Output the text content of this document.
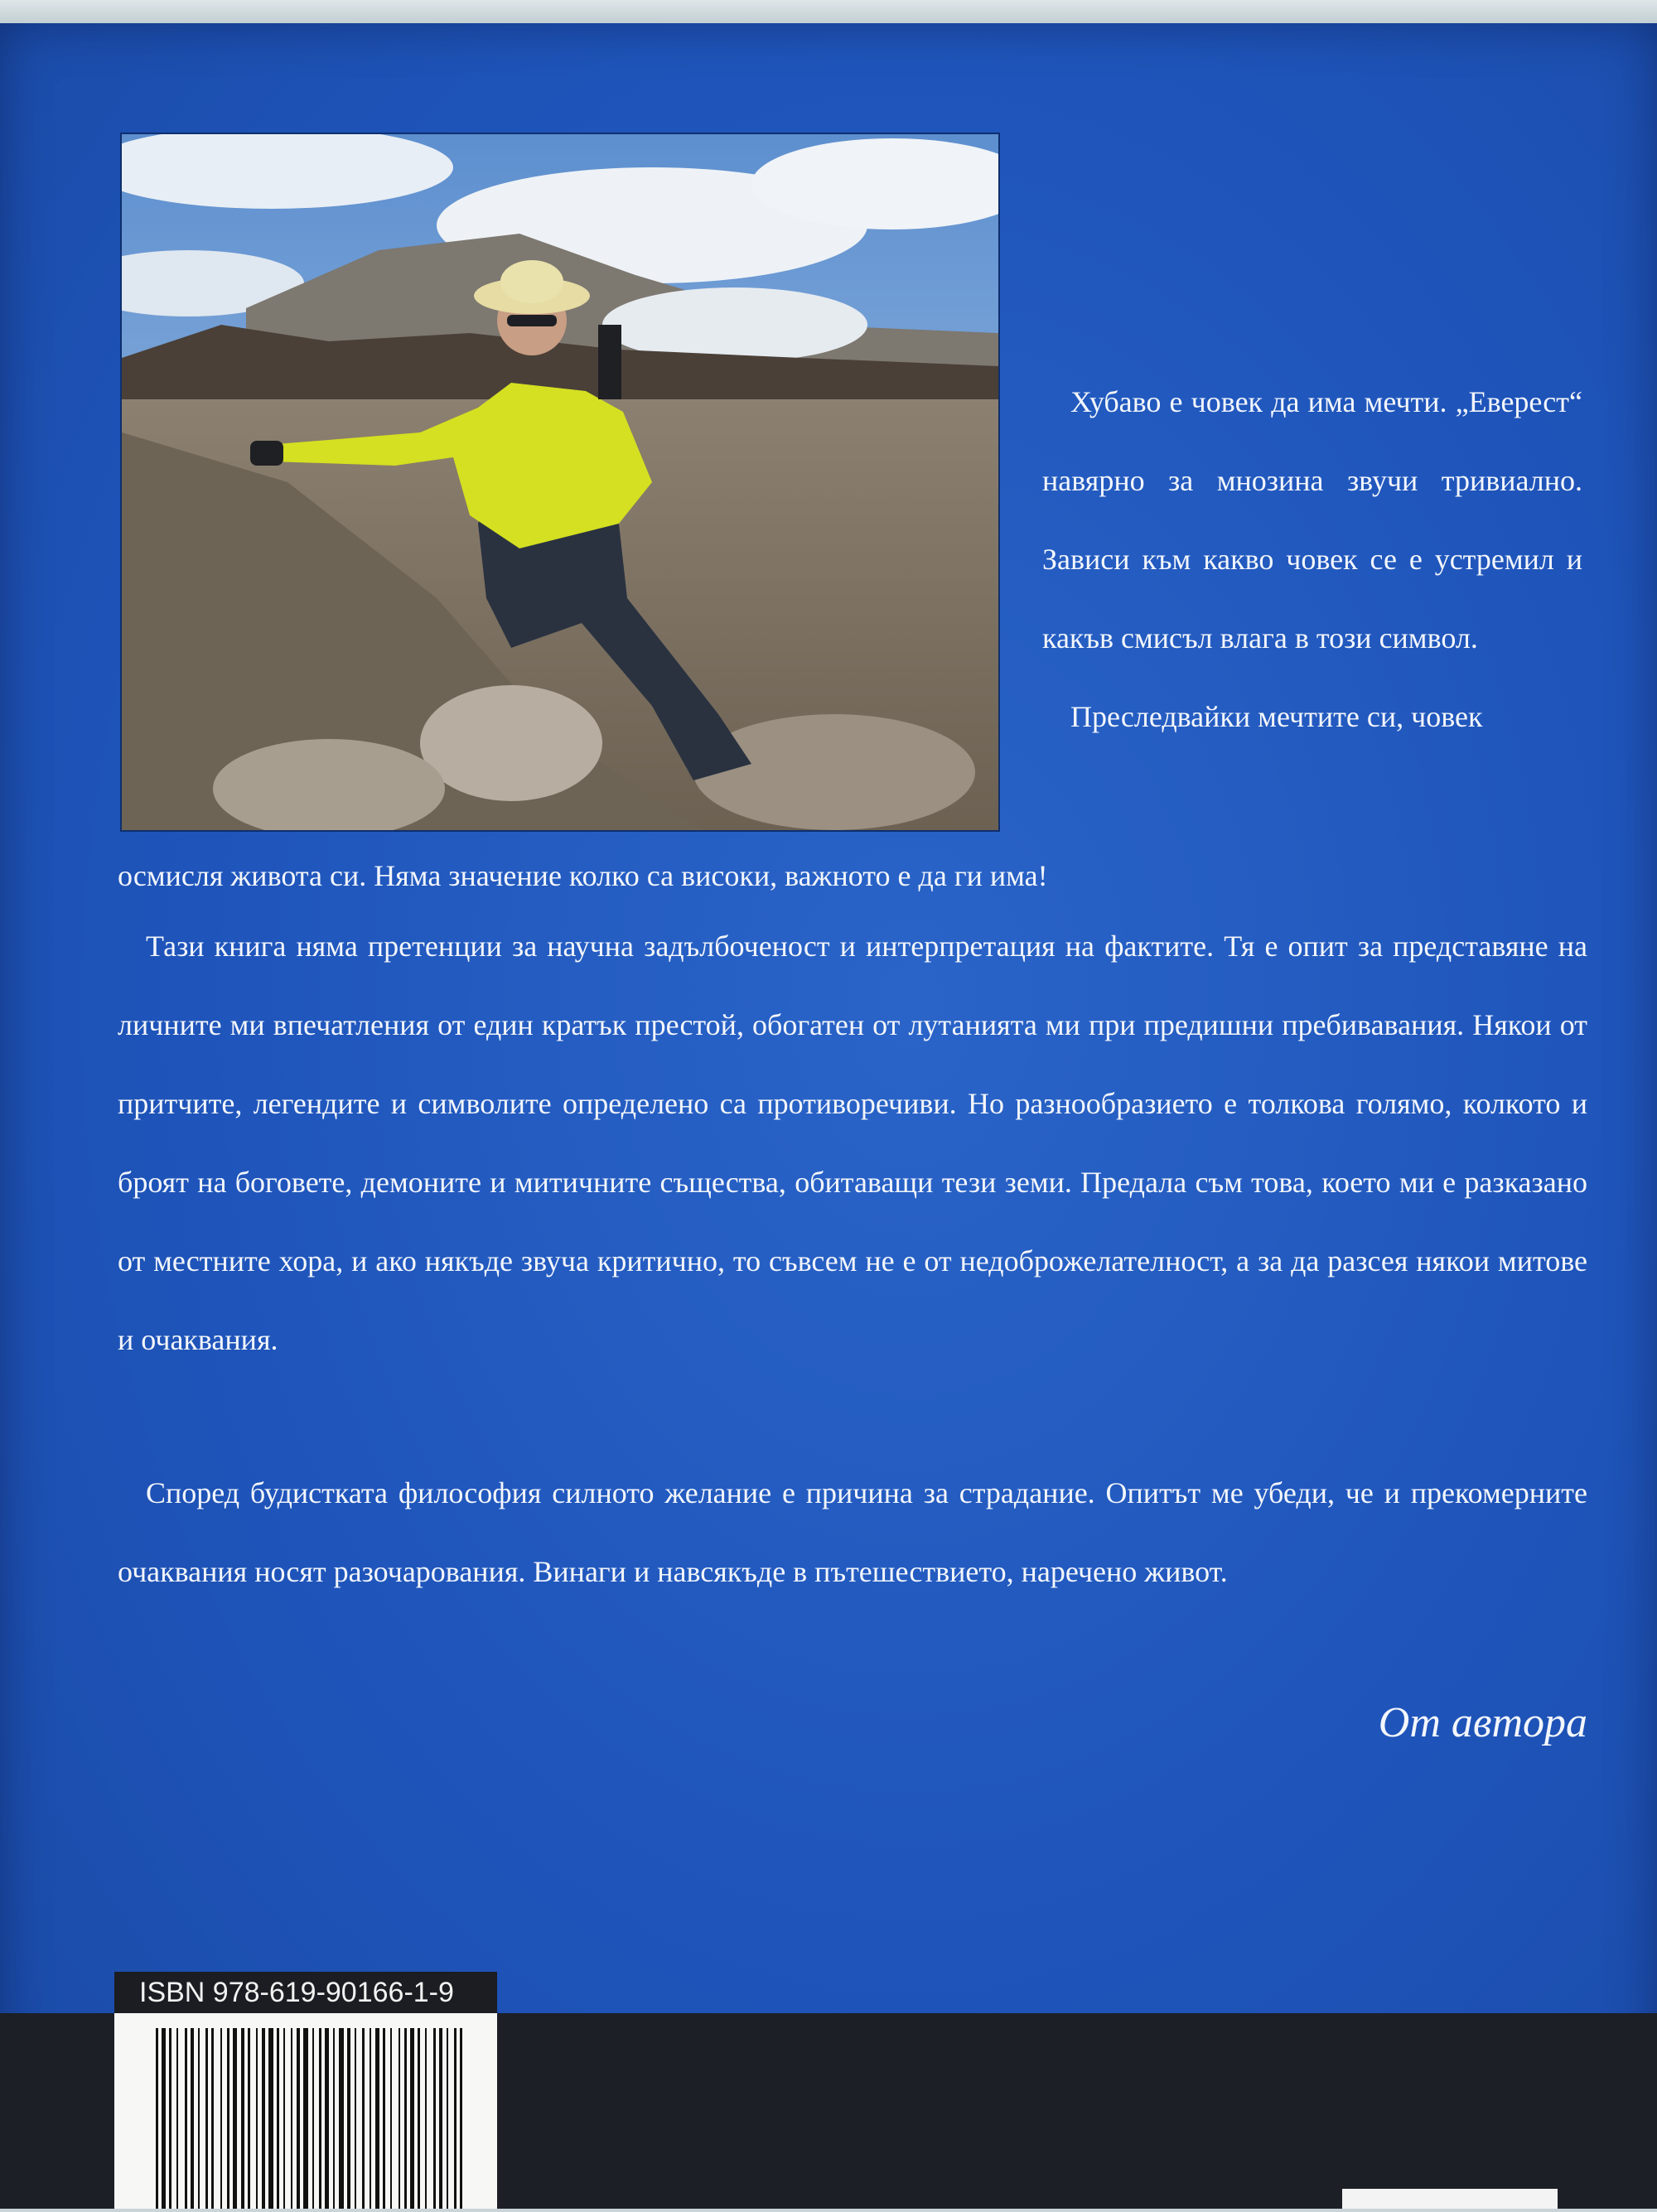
Хубаво е човек да има мечти. „Еверест“ навярно за мнозина звучи тривиално. Зависи към какво човек се е устремил и какъв смисъл влага в този символ.

Преследвайки мечтите си, човек

осмисля живота си. Няма значение колко са високи, важното е да ги има!

Тази книга няма претенции за научна задълбоченост и интерпретация на фактите. Тя е опит за представяне на личните ми впечатления от един кратък престой, обогатен от лутанията ми при предишни пребивавания. Някои от притчите, легендите и символите определено са противоречиви. Но разнообразието е толкова голямо, колкото и броят на боговете, демоните и митичните същества, обитаващи тези земи. Предала съм това, което ми е разказано от местните хора, и ако някъде звуча критично, то съвсем не е от недоброжелателност, а за да разсея някои митове и очаквания.

Според будистката философия силното желание е причина за страдание. Опитът ме убеди, че и прекомерните очаквания носят разочарования. Винаги и навсякъде в пътешествието, наречено живот.

От автора
ISBN 978-619-90166-1-9
